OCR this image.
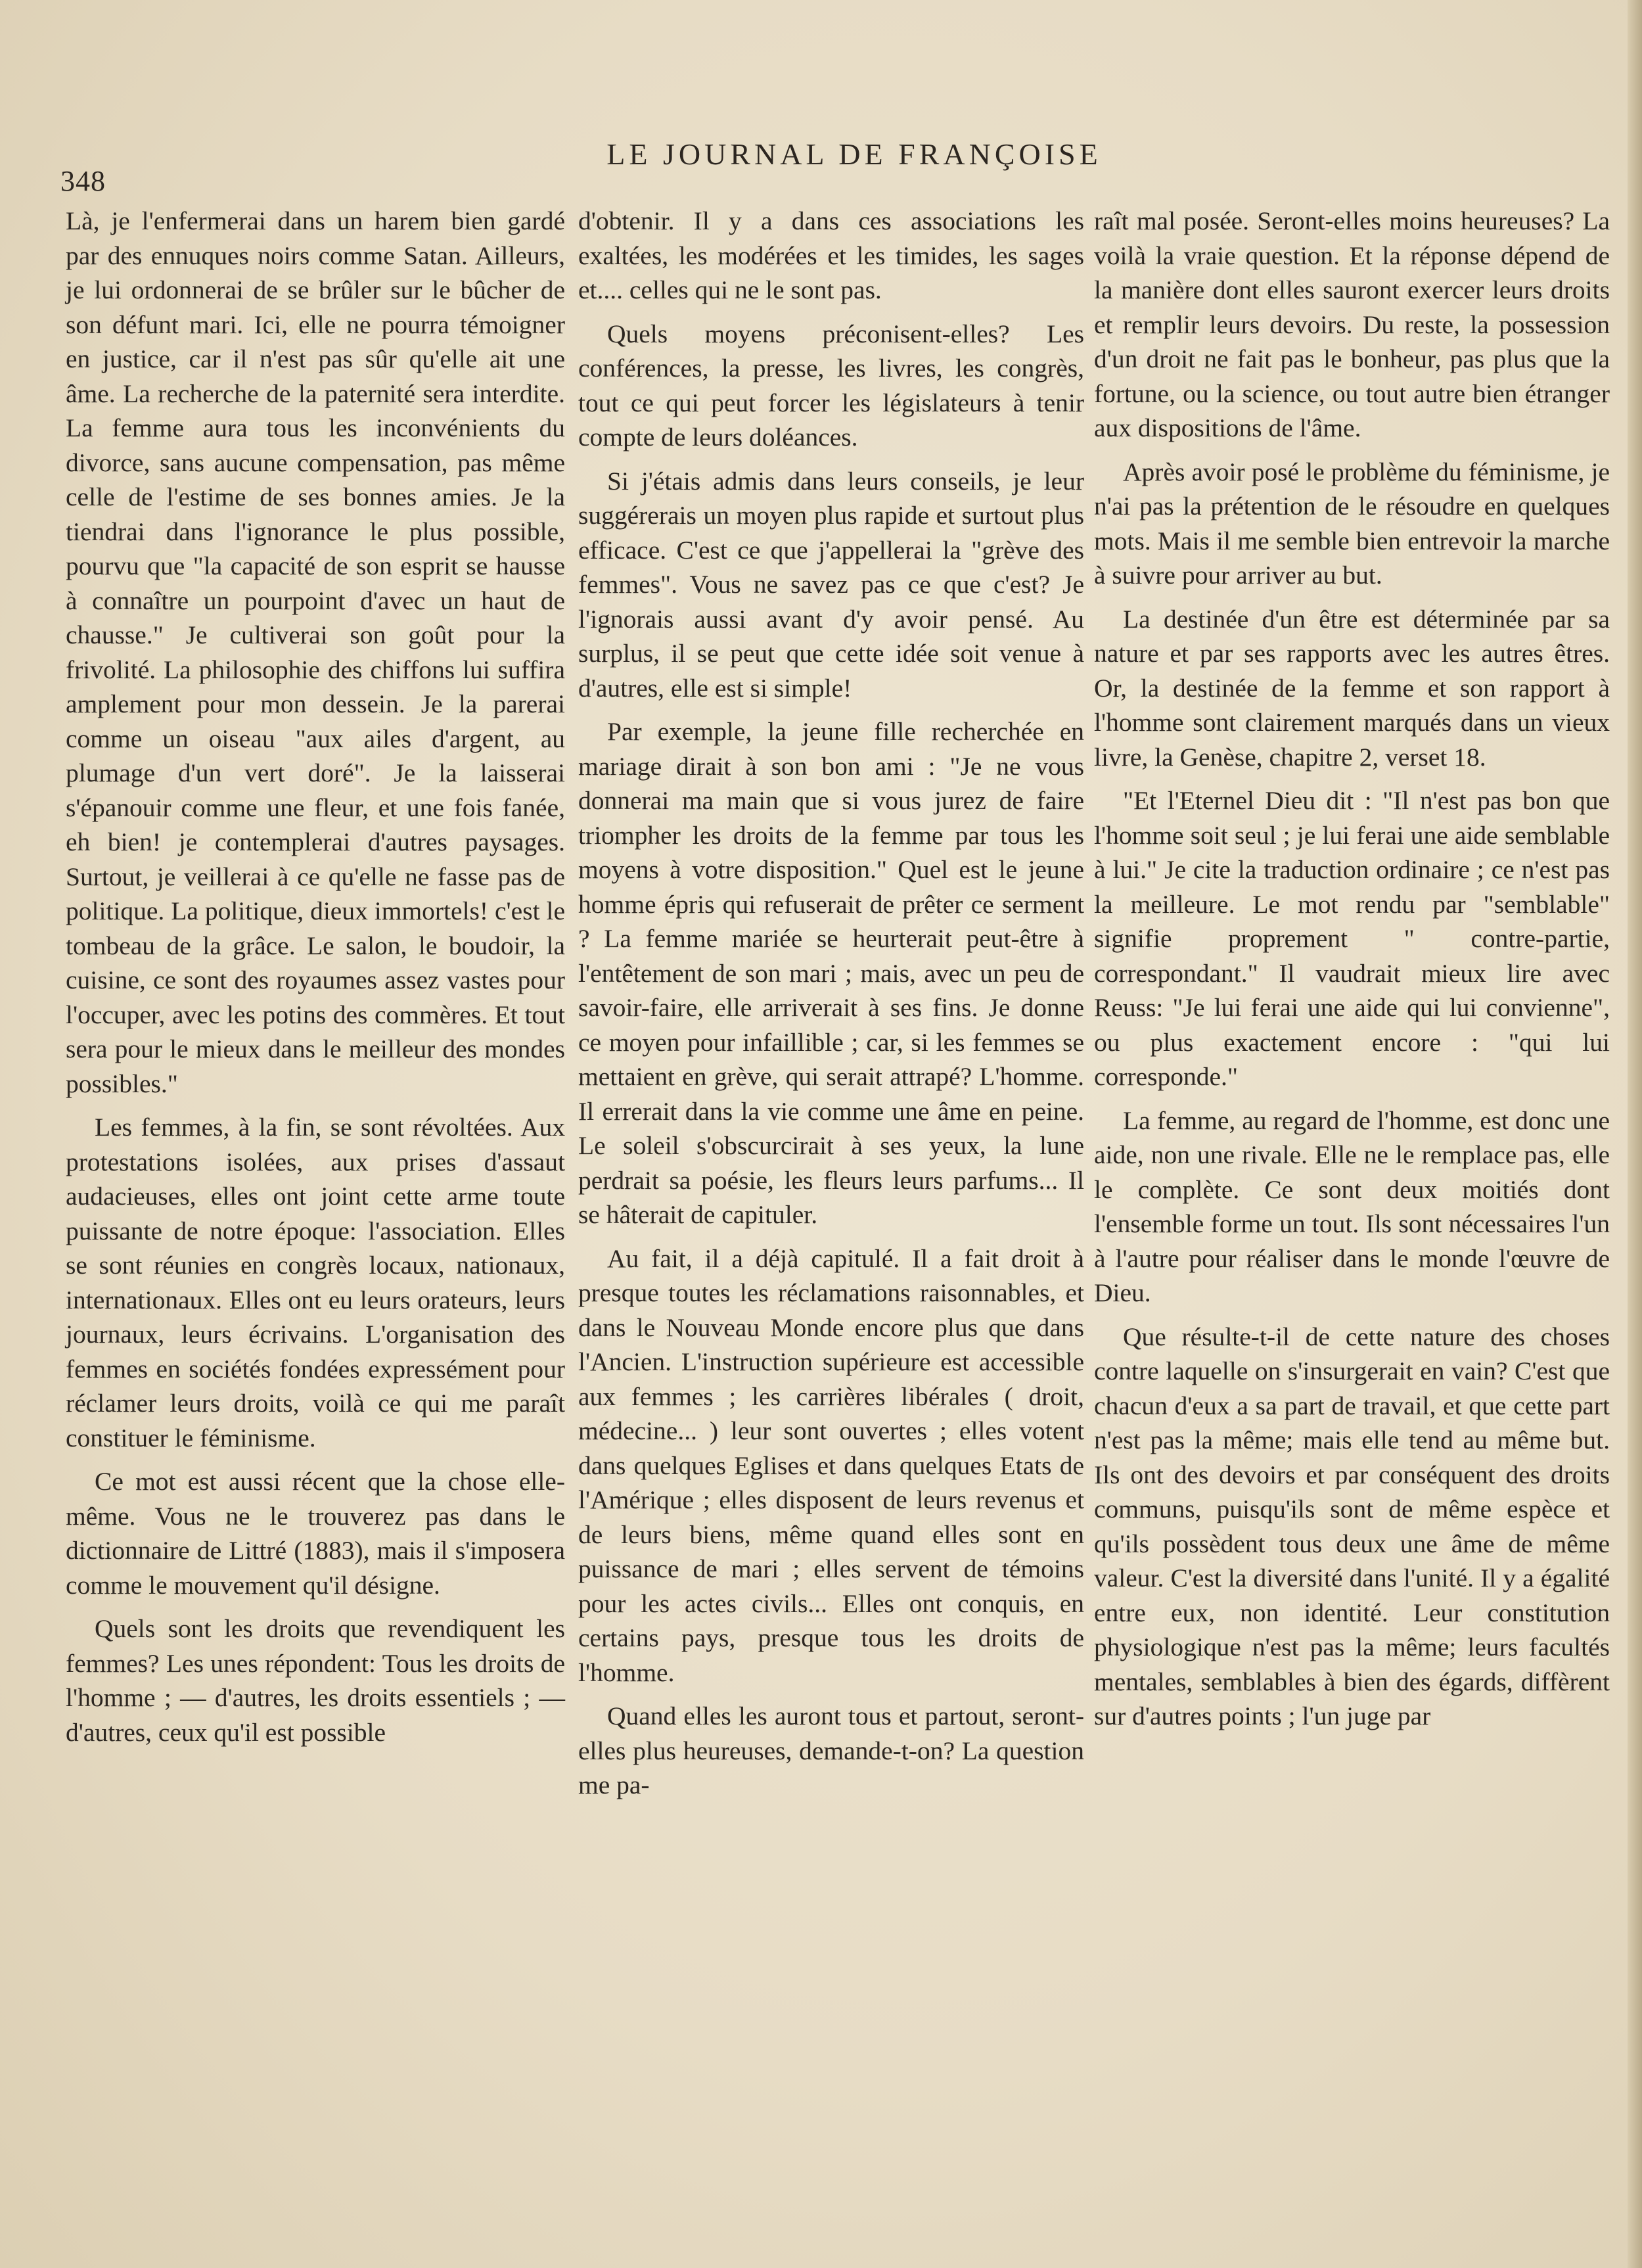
348
LE JOURNAL DE FRANÇOISE

Là, je l'enfermerai dans un harem bien gardé par des ennuques noirs comme Satan. Ailleurs, je lui ordonnerai de se brûler sur le bûcher de son défunt mari. Ici, elle ne pourra témoigner en justice, car il n'est pas sûr qu'elle ait une âme. La recherche de la paternité sera interdite. La femme aura tous les inconvénients du divorce, sans aucune compensation, pas même celle de l'estime de ses bonnes amies. Je la tiendrai dans l'ignorance le plus possible, pourvu que "la capacité de son esprit se hausse à connaître un pourpoint d'avec un haut de chausse." Je cultiverai son goût pour la frivolité. La philosophie des chiffons lui suffira amplement pour mon dessein. Je la parerai comme un oiseau "aux ailes d'argent, au plumage d'un vert doré". Je la laisserai s'épanouir comme une fleur, et une fois fanée, eh bien! je contemplerai d'autres paysages. Surtout, je veillerai à ce qu'elle ne fasse pas de politique. La politique, dieux immortels! c'est le tombeau de la grâce. Le salon, le boudoir, la cuisine, ce sont des royaumes assez vastes pour l'occuper, avec les potins des commères. Et tout sera pour le mieux dans le meilleur des mondes possibles."

Les femmes, à la fin, se sont révoltées. Aux protestations isolées, aux prises d'assaut audacieuses, elles ont joint cette arme toute puissante de notre époque: l'association. Elles se sont réunies en congrès locaux, nationaux, internationaux. Elles ont eu leurs orateurs, leurs journaux, leurs écrivains. L'organisation des femmes en sociétés fondées expressément pour réclamer leurs droits, voilà ce qui me paraît constituer le féminisme.

Ce mot est aussi récent que la chose elle-même. Vous ne le trouverez pas dans le dictionnaire de Littré (1883), mais il s'imposera comme le mouvement qu'il désigne.

Quels sont les droits que revendiquent les femmes? Les unes répondent: Tous les droits de l'homme ; — d'autres, les droits essentiels ; — d'autres, ceux qu'il est possible

d'obtenir. Il y a dans ces associations les exaltées, les modérées et les timides, les sages et.... celles qui ne le sont pas.

Quels moyens préconisent-elles? Les conférences, la presse, les livres, les congrès, tout ce qui peut forcer les législateurs à tenir compte de leurs doléances.

Si j'étais admis dans leurs conseils, je leur suggérerais un moyen plus rapide et surtout plus efficace. C'est ce que j'appellerai la "grève des femmes". Vous ne savez pas ce que c'est? Je l'ignorais aussi avant d'y avoir pensé. Au surplus, il se peut que cette idée soit venue à d'autres, elle est si simple!

Par exemple, la jeune fille recherchée en mariage dirait à son bon ami : "Je ne vous donnerai ma main que si vous jurez de faire triompher les droits de la femme par tous les moyens à votre disposition." Quel est le jeune homme épris qui refuserait de prêter ce serment ? La femme mariée se heurterait peut-être à l'entêtement de son mari ; mais, avec un peu de savoir-faire, elle arriverait à ses fins. Je donne ce moyen pour infaillible ; car, si les femmes se mettaient en grève, qui serait attrapé? L'homme. Il errerait dans la vie comme une âme en peine. Le soleil s'obscurcirait à ses yeux, la lune perdrait sa poésie, les fleurs leurs parfums... Il se hâterait de capituler.

Au fait, il a déjà capitulé. Il a fait droit à presque toutes les réclamations raisonnables, et dans le Nouveau Monde encore plus que dans l'Ancien. L'instruction supérieure est accessible aux femmes ; les carrières libérales ( droit, médecine... ) leur sont ouvertes ; elles votent dans quelques Eglises et dans quelques Etats de l'Amérique ; elles disposent de leurs revenus et de leurs biens, même quand elles sont en puissance de mari ; elles servent de témoins pour les actes civils... Elles ont conquis, en certains pays, presque tous les droits de l'homme.

Quand elles les auront tous et partout, seront-elles plus heureuses, demande-t-on? La question me pa-

raît mal posée. Seront-elles moins heureuses? La voilà la vraie question. Et la réponse dépend de la manière dont elles sauront exercer leurs droits et remplir leurs devoirs. Du reste, la possession d'un droit ne fait pas le bonheur, pas plus que la fortune, ou la science, ou tout autre bien étranger aux dispositions de l'âme.

Après avoir posé le problème du féminisme, je n'ai pas la prétention de le résoudre en quelques mots. Mais il me semble bien entrevoir la marche à suivre pour arriver au but.

La destinée d'un être est déterminée par sa nature et par ses rapports avec les autres êtres. Or, la destinée de la femme et son rapport à l'homme sont clairement marqués dans un vieux livre, la Genèse, chapitre 2, verset 18.

"Et l'Eternel Dieu dit : "Il n'est pas bon que l'homme soit seul ; je lui ferai une aide semblable à lui." Je cite la traduction ordinaire ; ce n'est pas la meilleure. Le mot rendu par "semblable" signifie proprement " contre-partie, correspondant." Il vaudrait mieux lire avec Reuss: "Je lui ferai une aide qui lui convienne", ou plus exactement encore : "qui lui corresponde."

La femme, au regard de l'homme, est donc une aide, non une rivale. Elle ne le remplace pas, elle le complète. Ce sont deux moitiés dont l'ensemble forme un tout. Ils sont nécessaires l'un à l'autre pour réaliser dans le monde l'œuvre de Dieu.

Que résulte-t-il de cette nature des choses contre laquelle on s'insurgerait en vain? C'est que chacun d'eux a sa part de travail, et que cette part n'est pas la même; mais elle tend au même but. Ils ont des devoirs et par conséquent des droits communs, puisqu'ils sont de même espèce et qu'ils possèdent tous deux une âme de même valeur. C'est la diversité dans l'unité. Il y a égalité entre eux, non identité. Leur constitution physiologique n'est pas la même; leurs facultés mentales, semblables à bien des égards, diffèrent sur d'autres points ; l'un juge par
